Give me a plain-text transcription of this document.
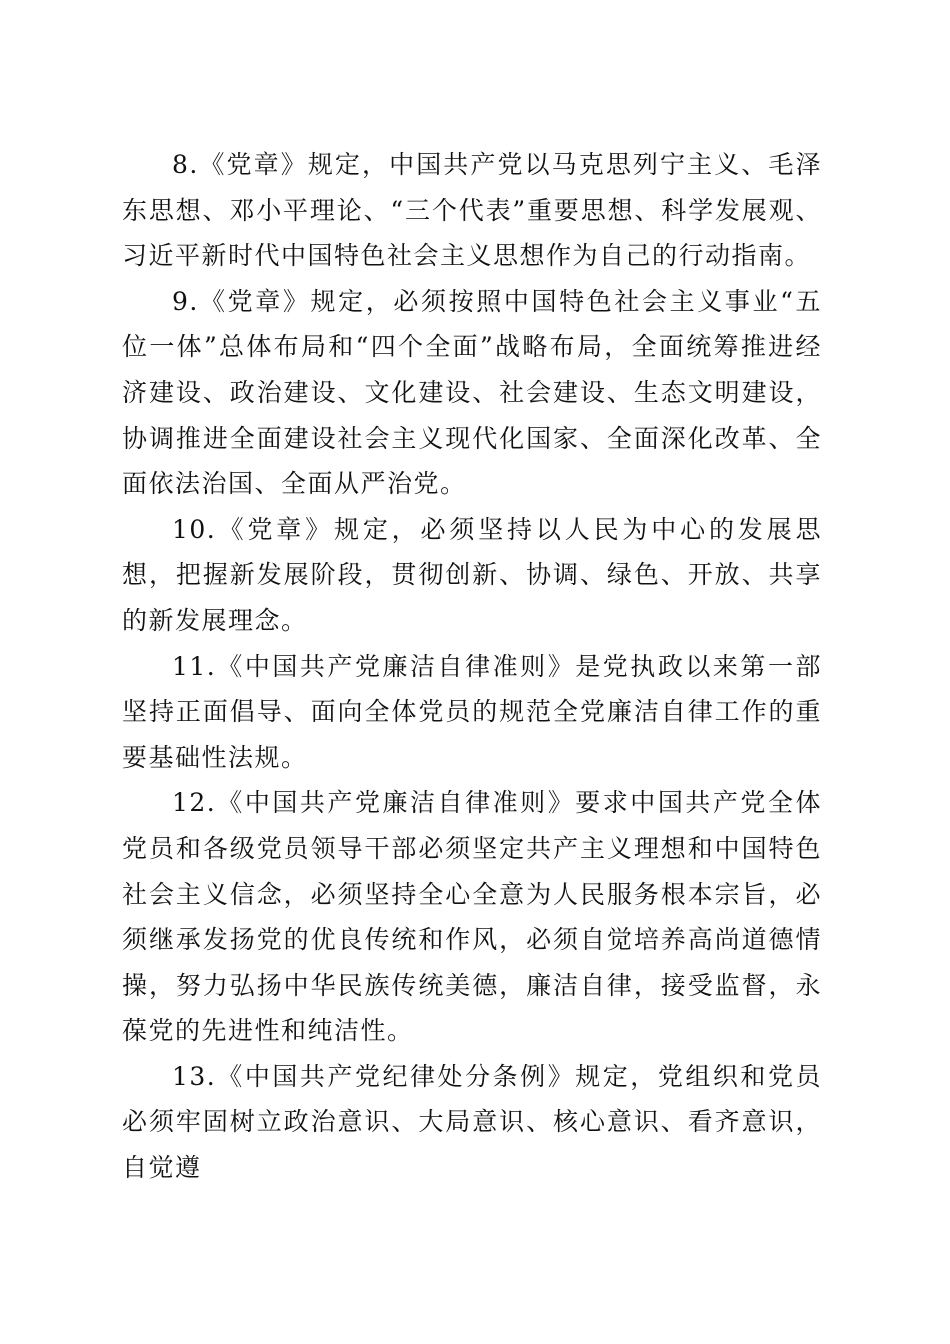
8.《党章》规定，中国共产党以马克思列宁主义、毛泽东思想、邓小平理论、“三个代表”重要思想、科学发展观、习近平新时代中国特色社会主义思想作为自己的行动指南。

9.《党章》规定，必须按照中国特色社会主义事业“五位一体”总体布局和“四个全面”战略布局，全面统筹推进经济建设、政治建设、文化建设、社会建设、生态文明建设，协调推进全面建设社会主义现代化国家、全面深化改革、全面依法治国、全面从严治党。

10.《党章》规定，必须坚持以人民为中心的发展思想，把握新发展阶段，贯彻创新、协调、绿色、开放、共享的新发展理念。

11.《中国共产党廉洁自律准则》是党执政以来第一部坚持正面倡导、面向全体党员的规范全党廉洁自律工作的重要基础性法规。

12.《中国共产党廉洁自律准则》要求中国共产党全体党员和各级党员领导干部必须坚定共产主义理想和中国特色社会主义信念，必须坚持全心全意为人民服务根本宗旨，必须继承发扬党的优良传统和作风，必须自觉培养高尚道德情操，努力弘扬中华民族传统美德，廉洁自律，接受监督，永葆党的先进性和纯洁性。

13.《中国共产党纪律处分条例》规定，党组织和党员必须牢固树立政治意识、大局意识、核心意识、看齐意识，自觉遵
